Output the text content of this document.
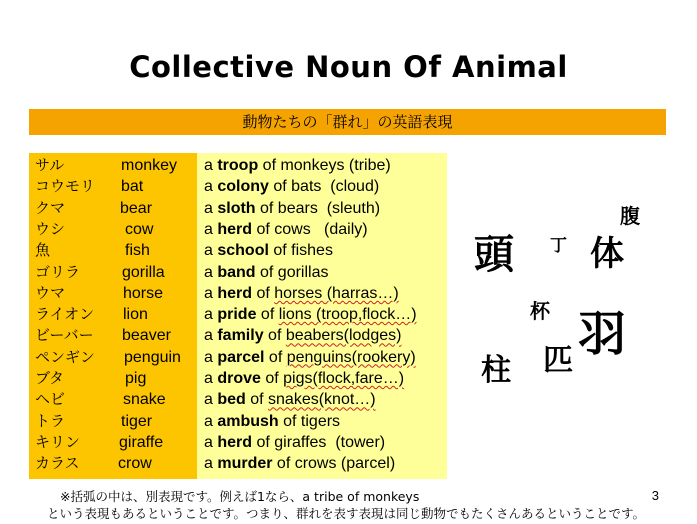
Collective Noun Of Animal
動物たちの「群れ」の英語表現
サル	monkey a troop of monkeys (tribe)
コウモリ bat	a colony of bats  (cloud)
クマ	bear	a sloth of bears  (sleuth)
ウシ	cow	a herd of cows   (daily)
魚	fish	a school of fishes
ゴリラ	gorilla a band of gorillas
ウマ	horse	a herd of horses (harras…)
ライオン lion	a pride of lions (troop,flock…)
ビーバー beaver a family of beabers(lodges)
ペンギン penguin a parcel of penguins(rookery)
ブタ	pig	a drove of pigs(flock,fare…)
ヘビ	snake a bed of snakes(knot…)
トラ	tiger	a ambush of tigers
キリン giraffe	a herd of giraffes  (tower)
カラス crow	a murder of crows (parcel)
腹
頭 丁 体
杯 羽
柱 匹
※括弧の中は、別表現です。例えば1なら、a tribe of monkeys
という表現もあるということです。つまり、群れを表す表現は同じ動物でもたくさんあるということです。
3
